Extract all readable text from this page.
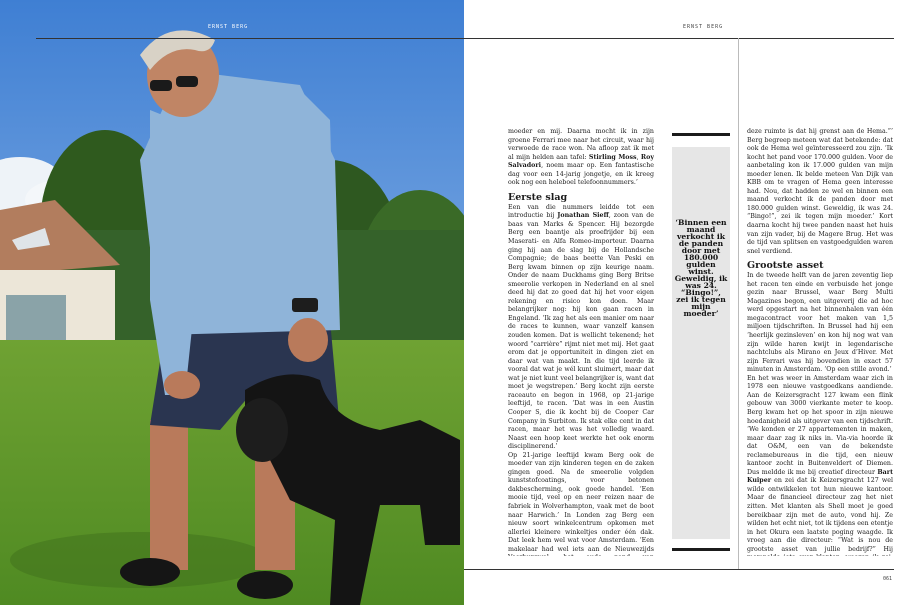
ERNST BERG	ERNST BERG

moeder en mij. Daarna mocht ik in zijn groene Ferrari mee naar het circuit, waar hij verwoede de race won. Na afloop zat ik met al mijn helden aan tafel: Stirling Moss, Roy Salvadori, noem maar op. Een fantastische dag voor een 14-jarig jongetje, en ik kreeg ook nog een heleboel telefoonnummers.’

Eerste slag

Een van die nummers leidde tot een introductie bij Jonathan Sieff, zoon van de baas van Marks & Spencer. Hij bezorgde Berg een baantje als proefrijder bij een Maserati- en Alfa Romeo-importeur. Daarna ging hij aan de slag bij de Hollandsche Compagnie; de baas beette Van Peski en Berg kwam binnen op zijn keurige naam. Onder de naam Duckhams ging Berg Britse smeerolie verkopen in Nederland en al snel deed hij dat zo goed dat hij het voor eigen rekening en risico kon doen. Maar belangrijker nog: hij kon gaan racen in Engeland. ‘Ik zag het als een manier om naar de races te kunnen, waar vanzelf kansen zouden komen. Dat is wellicht tekenend; het woord “carrière” rijmt niet met mij. Het gaat erom dat je opportuniteit in dingen ziet en daar wat van maakt. In die tijd leerde ik vooral dat wat je wél kunt sluimert, maar dat wat je niet kunt veel belangrijker is, want dat moet je wegstrepen.’ Berg kocht zijn eerste raceauto en begon in 1968, op 21-jarige leeftijd, te racen. ‘Dat was in een Austin Cooper S, die ik kocht bij de Cooper Car Company in Surbiton. Ik stak elke cent in dat racen, maar het was het volledig waard. Naast een hoop keet werkte het ook enorm disciplinerend.’

Op 21-jarige leeftijd kwam Berg ook de moeder van zijn kinderen tegen en de zaken gingen goed. Na de smeerolie volgden kunststofcoatings, voor betonen dakbescherming, ook goede handel. ‘Een mooie tijd, veel op en neer reizen naar de fabriek in Wolverhampton, vaak met de boot naar Harwich.’ In Londen zag Berg een nieuw soort winkelcentrum opkomen met allerlei kleinere winkeltjes onder één dak. Dat leek hem wel wat voor Amsterdam. ‘Een makelaar had wel iets aan de Nieuwezijds

‘Binnen een maand verkocht ik de panden door met 180.000 gulden winst. Geweldig, ik was 24. “Bingo!”, zei ik tegen mijn moeder’

deze ruimte is dat hij grenst aan de Hema.”’ Berg begreep meteen wat dat betekende: dat ook de Hema wel geïnteresseerd zou zijn. ‘Ik kocht het pand voor 170.000 gulden. Voor de aanbetaling kon ik 17.000 gulden van mijn moeder lenen. Ik belde meteen Van Dijk van KBB om te vragen of Hema geen interesse had. Nou, dat hadden ze wel en binnen een maand verkocht ik de panden door met 180.000 gulden winst. Geweldig, ik was 24. “Bingo!”, zei ik tegen mijn moeder.’ Kort daarna kocht hij twee panden naast het huis van zijn vader, bij de Magere Brug. Het was de tijd van splitsen en vastgoedgulden waren snel verdiend.

Grootste asset

In de tweede helft van de jaren zeventig liep het racen ten einde en verbuisde het jonge gezin naar Brussel, waar Berg Multi Magazines begon, een uitgeverij die ad hoc werd opgestart na het binnenhalen van één megacontract voor het maken van 1,5 miljoen tijdschriften. In Brussel had hij een ‘heerlijk gezinsleven’ en kon hij nog wat van zijn wilde haren kwijt in legendarische nachtclubs als Mirano en Jeux d’Hiver. Met zijn Ferrari was hij bovendien in exact 57 minuten in Amsterdam. ‘Op een stille avond.’

En het was weer in Amsterdam waar zich in 1978 een nieuwe vastgoedkans aandiende. Aan de Keizersgracht 127 kwam een flink gebouw van 3000 vierkante meter te koop. Berg kwam het op het spoor in zijn nieuwe hoedanigheid als uitgever van een tijdschrift. ‘We konden er 27 appartementen in maken, maar daar zag ik niks in. Via-via hoorde ik dat O&M, een van de bekendste reclamebureaus in die tijd, een nieuw kantoor zocht in Buitenveldert of Diemen. Dus meldde ik me bij creatief directeur Bart Kuiper en zei dat ik Keizersgracht 127 wel wilde ontwikkelen tot hun nieuwe kantoor. Maar de financieel directeur zag het niet zitten. Met klanten als Shell moet je goed bereikbaar zijn met de auto, vond hij. Ze wilden het echt niet, tot ik tijdens een etentje in het Okura een laatste poging waagde. Ik vroeg aan die directeur: “Wat is nou de grootste asset van jullie bedrijf?” Hij

061
